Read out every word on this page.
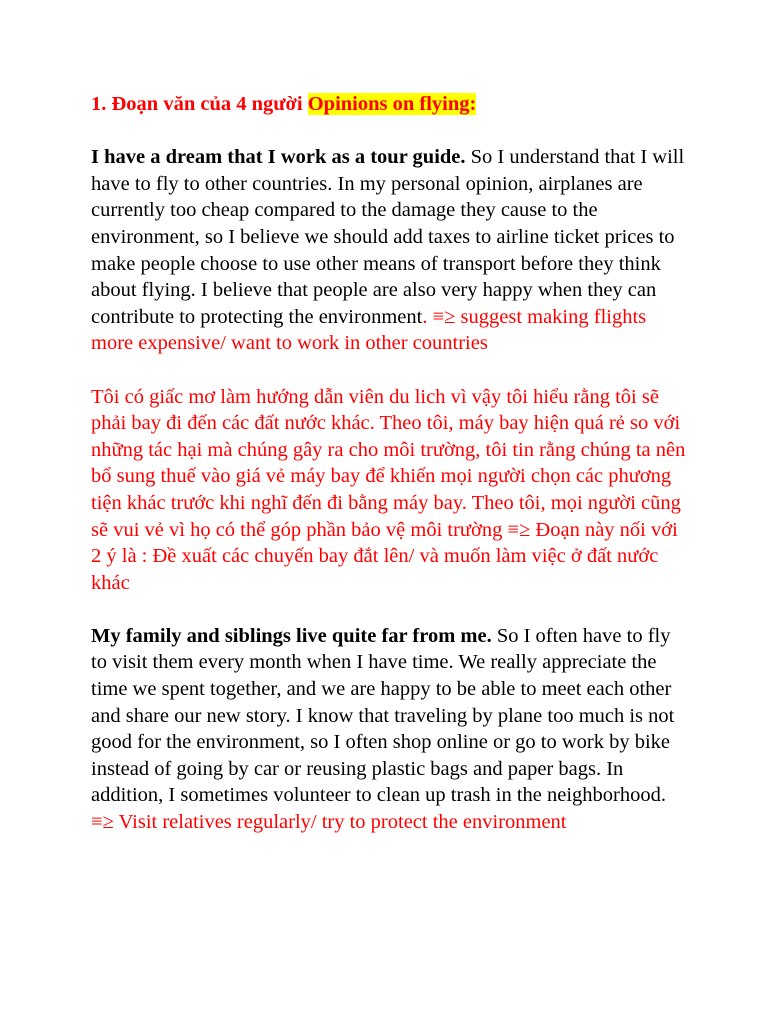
1. Đoạn văn của 4 người Opinions on flying:

I have a dream that I work as a tour guide. So I understand that I will have to fly to other countries. In my personal opinion, airplanes are currently too cheap compared to the damage they cause to the environment, so I believe we should add taxes to airline ticket prices to make people choose to use other means of transport before they think about flying. I believe that people are also very happy when they can contribute to protecting the environment. ≡≥ suggest making flights more expensive/ want to work in other countries

Tôi có giấc mơ làm hướng dẫn viên du lich vì vậy tôi hiểu rằng tôi sẽ phải bay đi đến các đất nước khác. Theo tôi, máy bay hiện quá rẻ so với những tác hại mà chúng gây ra cho môi trường, tôi tin rằng chúng ta nên bổ sung thuế vào giá vẻ máy bay để khiến mọi người chọn các phương tiện khác trước khi nghĩ đến đi bằng máy bay. Theo tôi, mọi người cũng sẽ vui vẻ vì họ có thể góp phần bảo vệ môi trường ≡≥ Đoạn này nối với 2 ý là : Đề xuất các chuyến bay đắt lên/ và muốn làm việc ở đất nước khác

My family and siblings live quite far from me. So I often have to fly to visit them every month when I have time. We really appreciate the time we spent together, and we are happy to be able to meet each other and share our new story. I know that traveling by plane too much is not good for the environment, so I often shop online or go to work by bike instead of going by car or reusing plastic bags and paper bags. In addition, I sometimes volunteer to clean up trash in the neighborhood. ≡≥ Visit relatives regularly/ try to protect the environment
